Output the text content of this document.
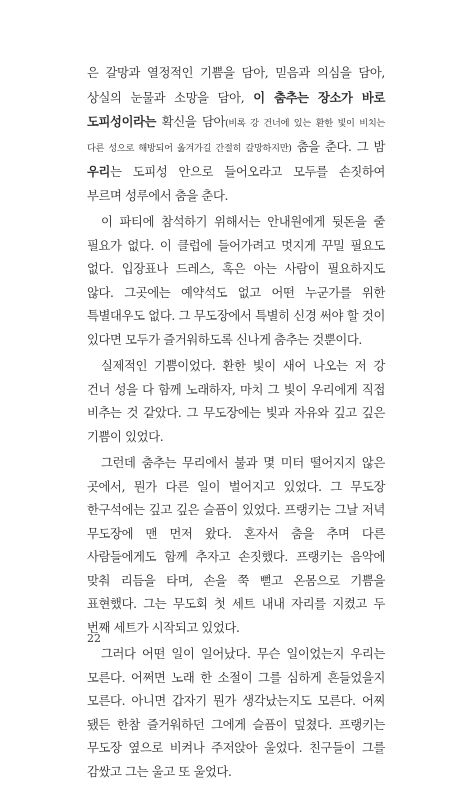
은 갈망과 열정적인 기쁨을 담아, 믿음과 의심을 담아, 상실의 눈물과 소망을 담아, 이 춤추는 장소가 바로 도피성이라는 확신을 담아(비록 강 건너에 있는 환한 빛이 비치는 다른 성으로 해방되어 옮겨가길 간절히 갈망하지만) 춤을 춘다. 그 밤 우리는 도피성 안으로 들어오라고 모두를 손짓하여 부르며 성루에서 춤을 춘다.

이 파티에 참석하기 위해서는 안내원에게 뒷돈을 줄 필요가 없다. 이 클럽에 들어가려고 멋지게 꾸밀 필요도 없다. 입장표나 드레스, 혹은 아는 사람이 필요하지도 않다. 그곳에는 예약석도 없고 어떤 누군가를 위한 특별대우도 없다. 그 무도장에서 특별히 신경 써야 할 것이 있다면 모두가 즐거워하도록 신나게 춤추는 것뿐이다.

실제적인 기쁨이었다. 환한 빛이 새어 나오는 저 강 건너 성을 다 함께 노래하자, 마치 그 빛이 우리에게 직접 비추는 것 같았다. 그 무도장에는 빛과 자유와 깊고 깊은 기쁨이 있었다.

그런데 춤추는 무리에서 불과 몇 미터 떨어지지 않은 곳에서, 뭔가 다른 일이 벌어지고 있었다. 그 무도장 한구석에는 깊고 깊은 슬픔이 있었다. 프랭키는 그날 저녁 무도장에 맨 먼저 왔다. 혼자서 춤을 추며 다른 사람들에게도 함께 추자고 손짓했다. 프랭키는 음악에 맞춰 리듬을 타며, 손을 쭉 뻗고 온몸으로 기쁨을 표현했다. 그는 무도회 첫 세트 내내 자리를 지켰고 두 번째 세트가 시작되고 있었다.

그러다 어떤 일이 일어났다. 무슨 일이었는지 우리는 모른다. 어쩌면 노래 한 소절이 그를 심하게 흔들었을지 모른다. 아니면 갑자기 뭔가 생각났는지도 모른다. 어찌 됐든 한참 즐거워하던 그에게 슬픔이 덮쳤다. 프랭키는 무도장 옆으로 비켜나 주저앉아 울었다. 친구들이 그를 감쌌고 그는 울고 또 울었다.

22
